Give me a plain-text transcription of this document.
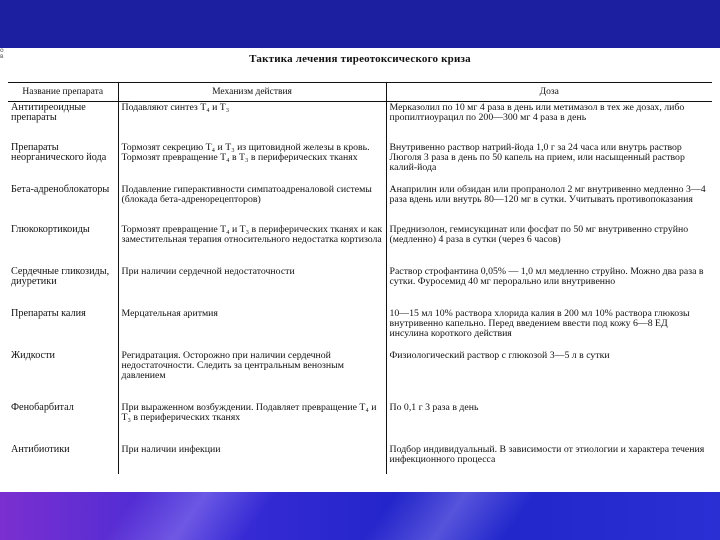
о в	Тактика лечения тиреотоксического криза
Название препарата	Механизм действия	Доза
Антитиреоидные препараты	Подавляют синтез T₄ и T₃	Мерказолил по 10 мг 4 раза в день или метимазол в тех же дозах, либо пропилтиоурацил по 200—300 мг 4 раза в день
Препараты неорганического йода	Тормозят секрецию T₄ и T₃ из щитовидной железы в кровь. Тормозят превращение T₄ в T₃ в периферических тканях	Внутривенно раствор натрий-йода 1,0 г за 24 часа или внутрь раствор Люголя 3 раза в день по 50 капель на прием, или насыщенный раствор калий-йода
Бета-адреноблокаторы	Подавление гиперактивности симпатоадреналовой системы (блокада бета-адренорецепторов)	Анаприлин или обзидан или пропранолол 2 мг внутривенно медленно 3—4 раза вдень или внутрь 80—120 мг в сутки. Учитывать противопоказания
Глюкокортикоиды	Тормозят превращение T₄ и T₃ в периферических тканях и как заместительная терапия относительного недостатка кортизола	Преднизолон, гемисукцинат или фосфат по 50 мг внутривенно струйно (медленно) 4 раза в сутки (через 6 часов)
Сердечные гликозиды, диуретики	При наличии сердечной недостаточности	Раствор строфантина 0,05% — 1,0 мл медленно струйно. Можно два раза в сутки. Фуросемид 40 мг перорально или внутривенно
Препараты калия	Мерцательная аритмия	10—15 мл 10% раствора хлорида калия в 200 мл 10% раствора глюкозы внутривенно капельно. Перед введением ввести под кожу 6—8 ЕД инсулина короткого действия
Жидкости	Регидратация. Осторожно при наличии сердечной недостаточности. Следить за центральным венозным давлением	Физиологический раствор с глюкозой 3—5 л в сутки
Фенобарбитал	При выраженном возбуждении. Подавляет превращение T₄ и T₃ в периферических тканях	По 0,1 г 3 раза в день
Антибиотики	При наличии инфекции	Подбор индивидуальный. В зависимости от этиологии и характера течения инфекционного процесса
